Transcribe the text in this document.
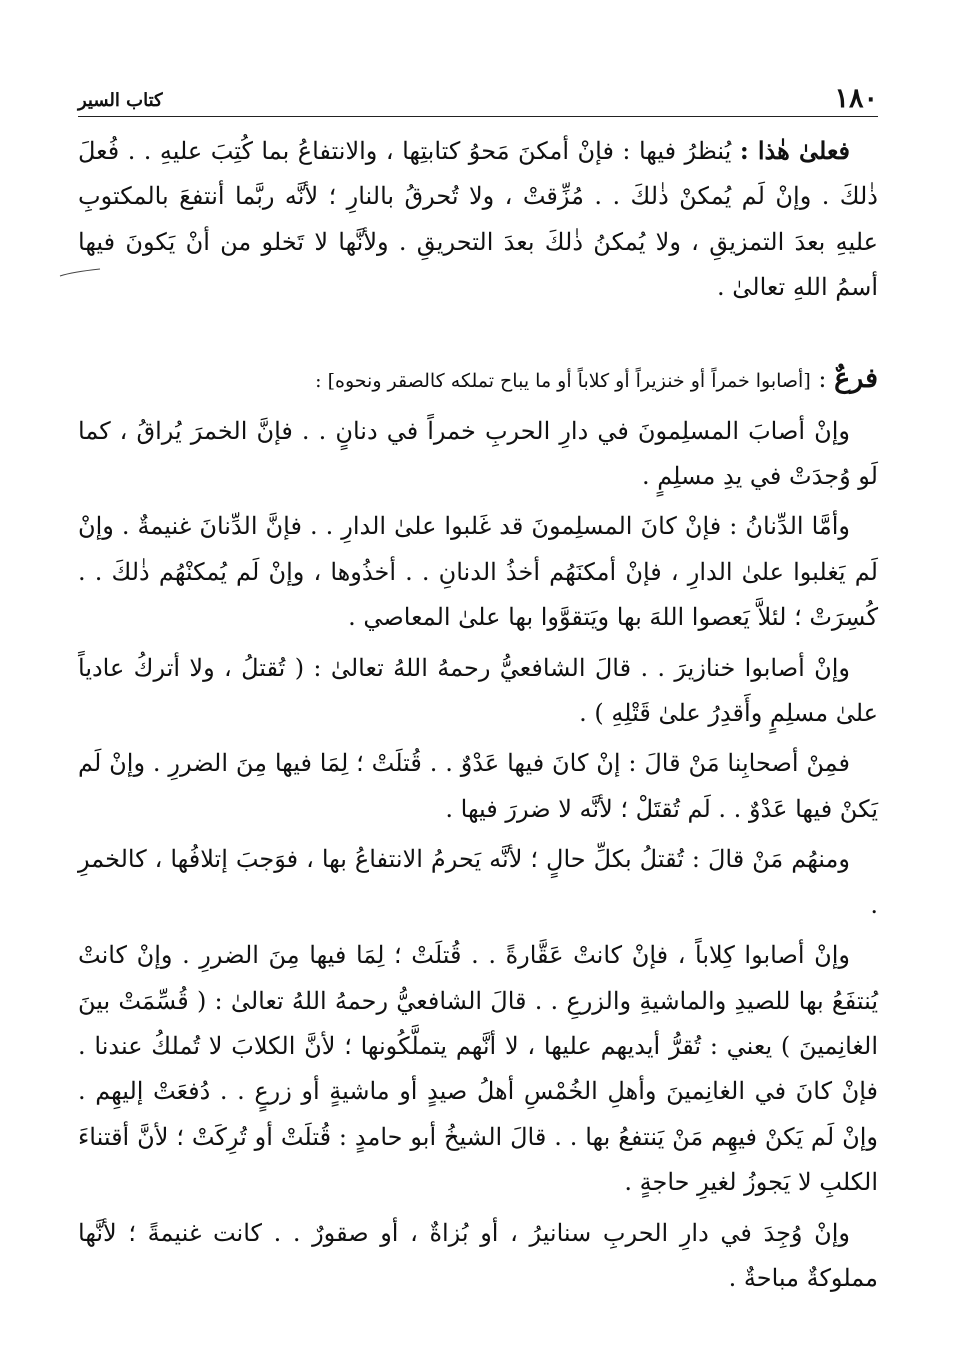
١٨٠
كتاب السير

فعلىٰ هٰذا : يُنظرُ فيها : فإنْ أمكنَ مَحوُ كتابتِها ، والانتفاعُ بما كُتِبَ عليهِ . . فُعلَ ذٰلكَ . وإنْ لَم يُمكنْ ذٰلكَ . . مُزِّقتْ ، ولا تُحرقُ بالنارِ ؛ لأنَّه ربَّما أنتفعَ بالمكتوبِ عليهِ بعدَ التمزيقِ ، ولا يُمكنُ ذٰلكَ بعدَ التحريقِ . ولأنَّها لا تَخلو من أنْ يَكونَ فيها أسمُ اللهِ تعالىٰ .

فرعٌ : [أصابوا خمراً أو خنزيراً أو كلاباً أو ما يباح تملكه كالصقر ونحوه] :

وإنْ أصابَ المسلِمونَ في دارِ الحربِ خمراً في دنانٍ . . فإنَّ الخمرَ يُراقُ ، كما لَو وُجدَتْ في يدِ مسلِمٍ .

وأمَّا الدِّنانُ : فإنْ كانَ المسلِمونَ قد غَلبوا علىٰ الدارِ . . فإنَّ الدِّنانَ غنيمةٌ . وإنْ لَم يَغلبوا علىٰ الدارِ ، فإنْ أمكنَهُم أخذُ الدنانِ . . أخذُوها ، وإنْ لَم يُمكنْهُم ذٰلكَ . . كُسِرَتْ ؛ لئلاَّ يَعصوا اللهَ بها ويَتقوَّوا بها علىٰ المعاصي .

وإنْ أصابوا خنازيرَ . . قالَ الشافعيُّ رحمهُ اللهُ تعالىٰ : ( تُقتلُ ، ولا أتركُ عادياً علىٰ مسلِمٍ وأَقدِرُ علىٰ قَتْلِهِ ) .

فمِنْ أصحابِنا مَنْ قالَ : إنْ كانَ فيها عَدْوٌ . . قُتلَتْ ؛ لِمَا فيها مِنَ الضررِ . وإنْ لَم يَكنْ فيها عَدْوٌ . . لَم تُقتَلْ ؛ لأنَّه لا ضررَ فيها .

ومنهُم مَنْ قالَ : تُقتلُ بكلِّ حالٍ ؛ لأنَّه يَحرمُ الانتفاعُ بها ، فوَجبَ إتلافُها ، كالخمرِ .

وإنْ أصابوا كِلاباً ، فإنْ كانتْ عَقَّارةً . . قُتلَتْ ؛ لِمَا فيها مِنَ الضررِ . وإنْ كانتْ يُنتفَعُ بها للصيدِ والماشيةِ والزرعِ . . قالَ الشافعيُّ رحمهُ اللهُ تعالىٰ : ( قُسِّمَتْ بينَ الغانِمينَ ) يعني : تُقرُّ أيديهم عليها ، لا أنَّهم يتملَّكُونها ؛ لأنَّ الكلابَ لا تُملكُ عندنا . فإنْ كانَ في الغانِمينَ وأهلِ الخُمْسِ أهلُ صيدٍ أو ماشيةٍ أو زرعٍ . . دُفعَتْ إليهِم . وإنْ لَم يَكنْ فيهِم مَنْ يَنتفعُ بها . . قالَ الشيخُ أبو حامدٍ : قُتلَتْ أو تُرِكَتْ ؛ لأنَّ أقتناءَ الكلبِ لا يَجوزُ لغيرِ حاجةٍ .

وإنْ وُجِدَ في دارِ الحربِ سنانيرُ ، أو بُزاةٌ ، أو صقورٌ . . كانت غنيمةً ؛ لأنَّها مملوكةٌ مباحةٌ .
